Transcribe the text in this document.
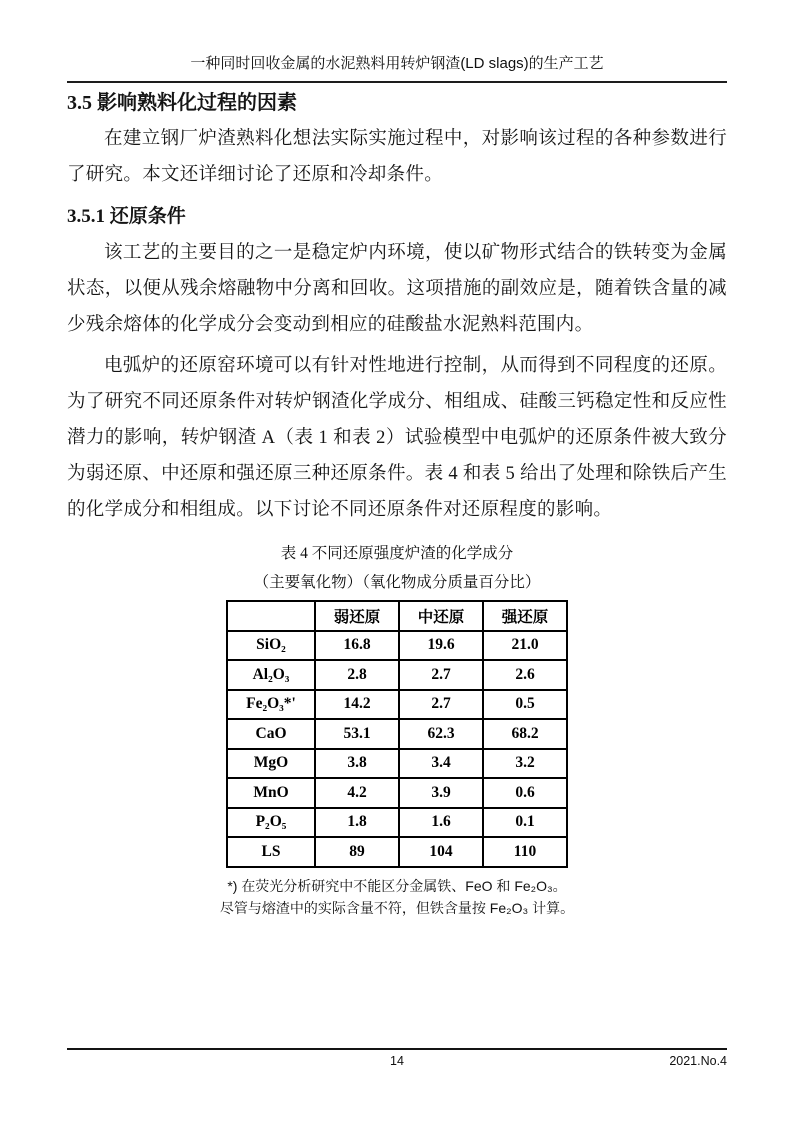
一种同时回收金属的水泥熟料用转炉钢渣(LD slags)的生产工艺
3.5 影响熟料化过程的因素

在建立钢厂炉渣熟料化想法实际实施过程中，对影响该过程的各种参数进行了研究。本文还详细讨论了还原和冷却条件。

3.5.1 还原条件

该工艺的主要目的之一是稳定炉内环境，使以矿物形式结合的铁转变为金属状态，以便从残余熔融物中分离和回收。这项措施的副效应是，随着铁含量的减少残余熔体的化学成分会变动到相应的硅酸盐水泥熟料范围内。

电弧炉的还原窑环境可以有针对性地进行控制，从而得到不同程度的还原。为了研究不同还原条件对转炉钢渣化学成分、相组成、硅酸三钙稳定性和反应性潜力的影响，转炉钢渣 A（表 1 和表 2）试验模型中电弧炉的还原条件被大致分为弱还原、中还原和强还原三种还原条件。表 4 和表 5 给出了处理和除铁后产生的化学成分和相组成。以下讨论不同还原条件对还原程度的影响。

表 4 不同还原强度炉渣的化学成分
（主要氧化物）（氧化物成分质量百分比）
	弱还原	中还原	强还原
SiO₂	16.8	19.6	21.0
Al₂O₃	2.8	2.7	2.6
Fe₂O₃*'	14.2	2.7	0.5
CaO	53.1	62.3	68.2
MgO	3.8	3.4	3.2
MnO	4.2	3.9	0.6
P₂O₅	1.8	1.6	0.1
LS	89	104	110
*) 在荧光分析研究中不能区分金属铁、FeO 和 Fe₂O₃。
尽管与熔渣中的实际含量不符，但铁含量按 Fe₂O₃ 计算。
14	2021.No.4
